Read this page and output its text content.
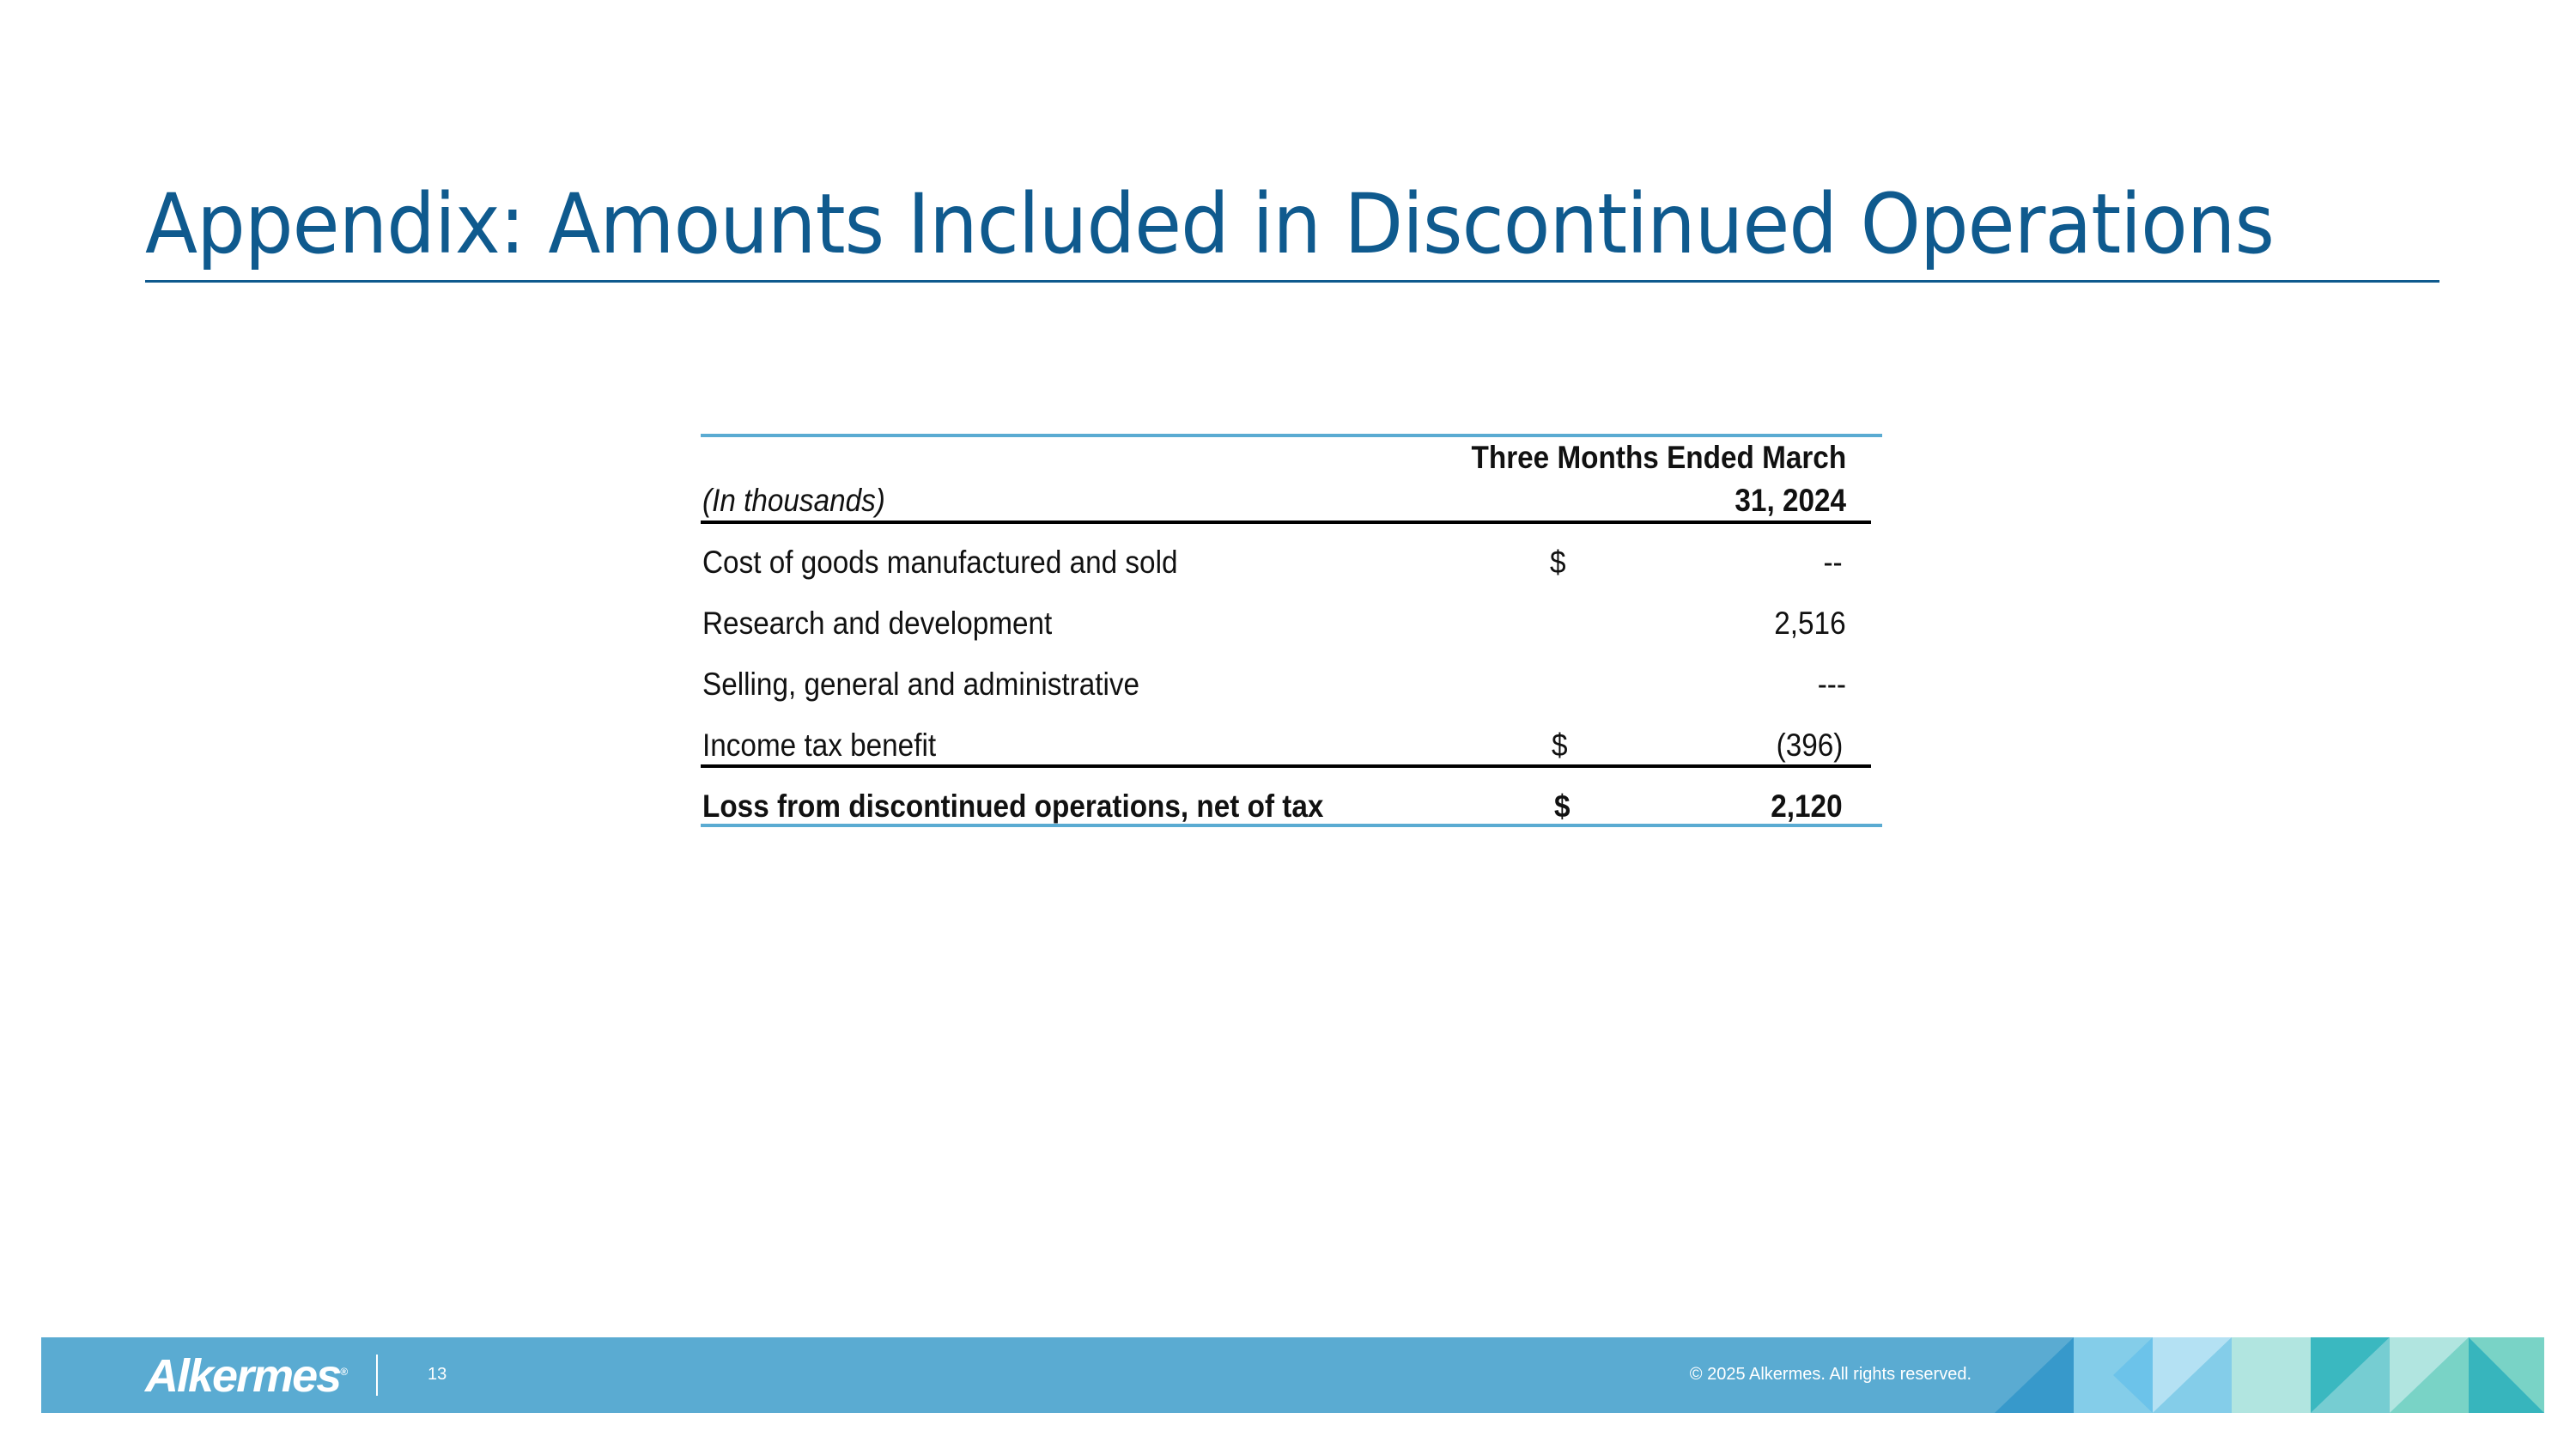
Appendix: Amounts Included in Discontinued Operations
Three Months Ended March
(In thousands)	31, 2024
Cost of goods manufactured and sold	$	--
Research and development	2,516
Selling, general and administrative	---
Income tax benefit	$	(396)
Loss from discontinued operations, net of tax	$	2,120
Alkermes®	13	© 2025 Alkermes. All rights reserved.
